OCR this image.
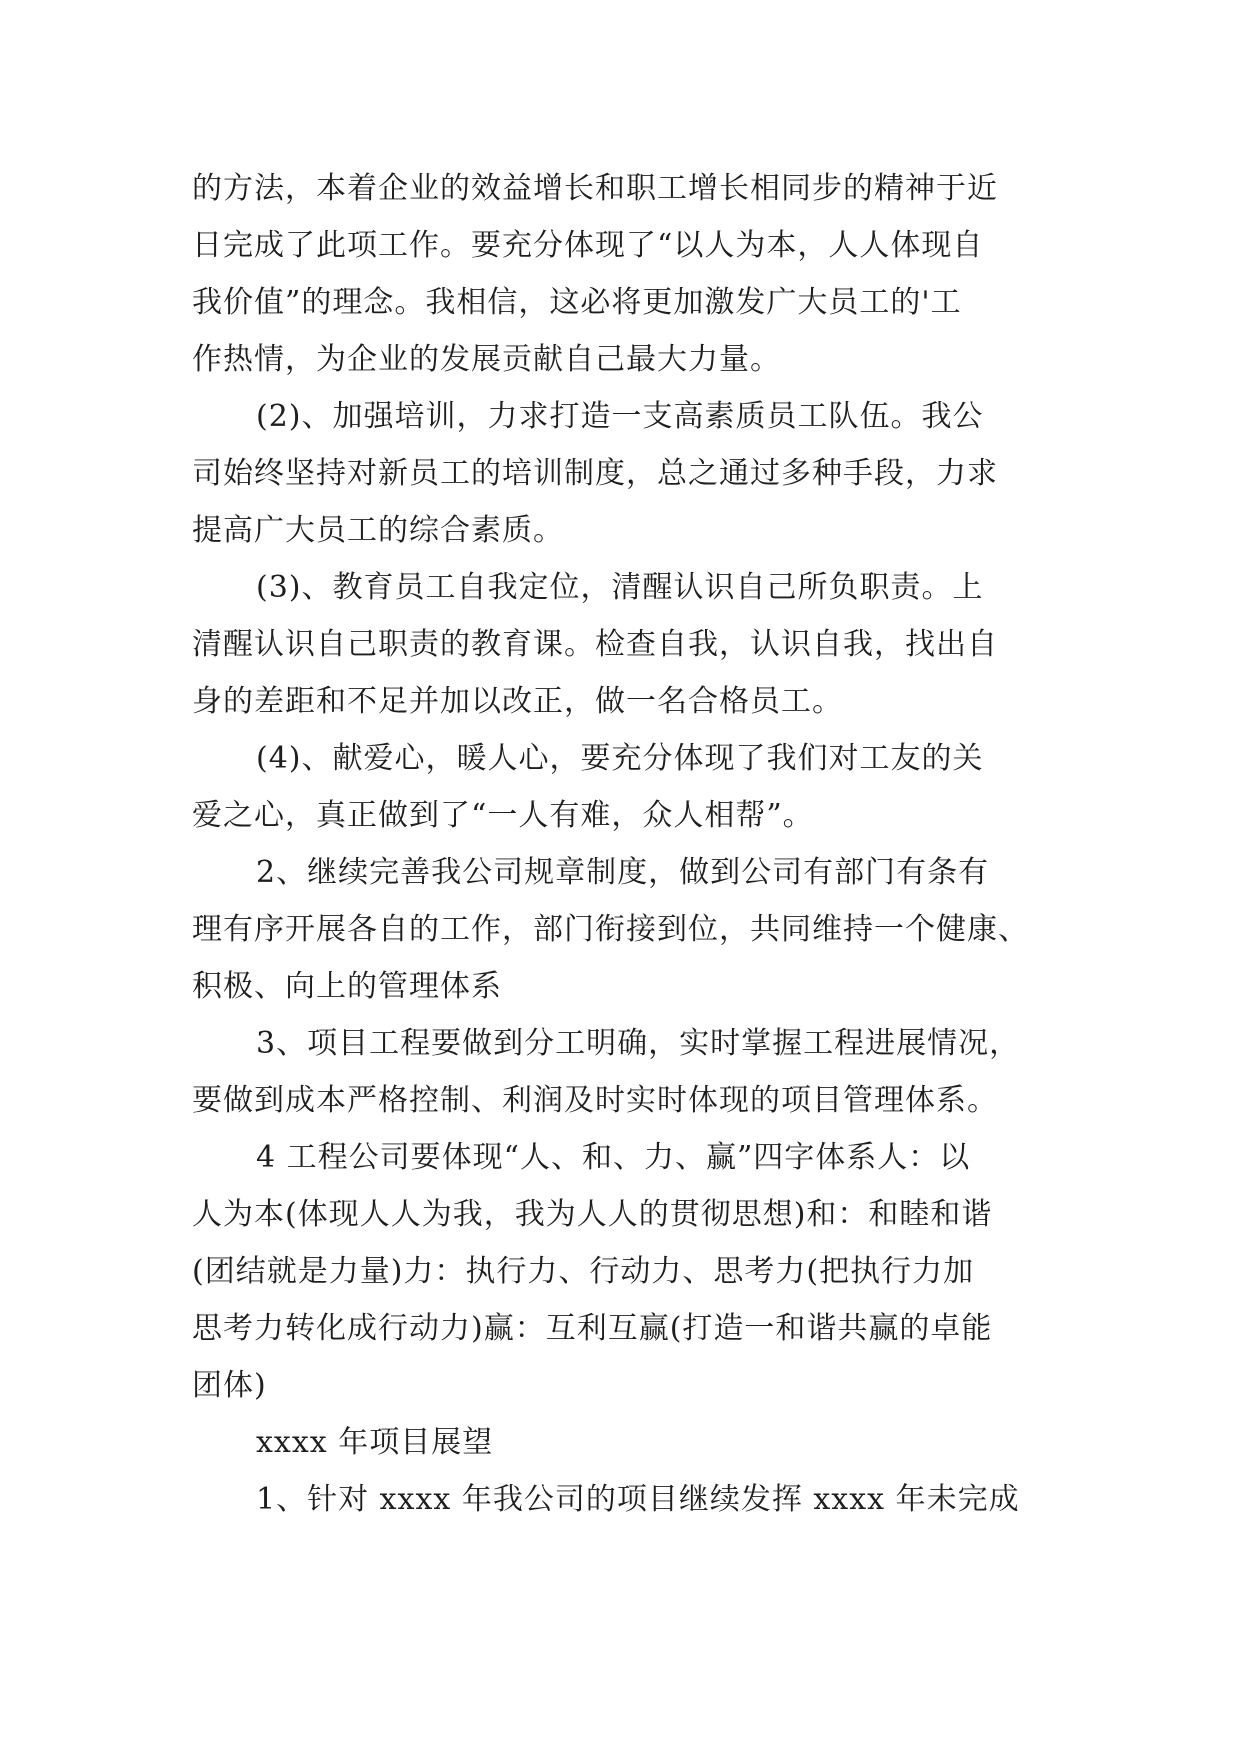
的方法，本着企业的效益增长和职工增长相同步的精神于近
日完成了此项工作。要充分体现了“以人为本，人人体现自
我价值”的理念。我相信，这必将更加激发广大员工的'工
作热情，为企业的发展贡献自己最大力量。
(2)、加强培训，力求打造一支高素质员工队伍。我公
司始终坚持对新员工的培训制度，总之通过多种手段，力求
提高广大员工的综合素质。
(3)、教育员工自我定位，清醒认识自己所负职责。上
清醒认识自己职责的教育课。检查自我，认识自我，找出自
身的差距和不足并加以改正，做一名合格员工。
(4)、献爱心，暖人心，要充分体现了我们对工友的关
爱之心，真正做到了“一人有难，众人相帮”。
2、继续完善我公司规章制度，做到公司有部门有条有
理有序开展各自的工作，部门衔接到位，共同维持一个健康、
积极、向上的管理体系
3、项目工程要做到分工明确，实时掌握工程进展情况，
要做到成本严格控制、利润及时实时体现的项目管理体系。
4 工程公司要体现“人、和、力、赢”四字体系人：以
人为本(体现人人为我，我为人人的贯彻思想)和：和睦和谐
(团结就是力量)力：执行力、行动力、思考力(把执行力加
思考力转化成行动力)赢：互利互赢(打造一和谐共赢的卓能
团体)
xxxx 年项目展望
1、针对 xxxx 年我公司的项目继续发挥 xxxx 年未完成
